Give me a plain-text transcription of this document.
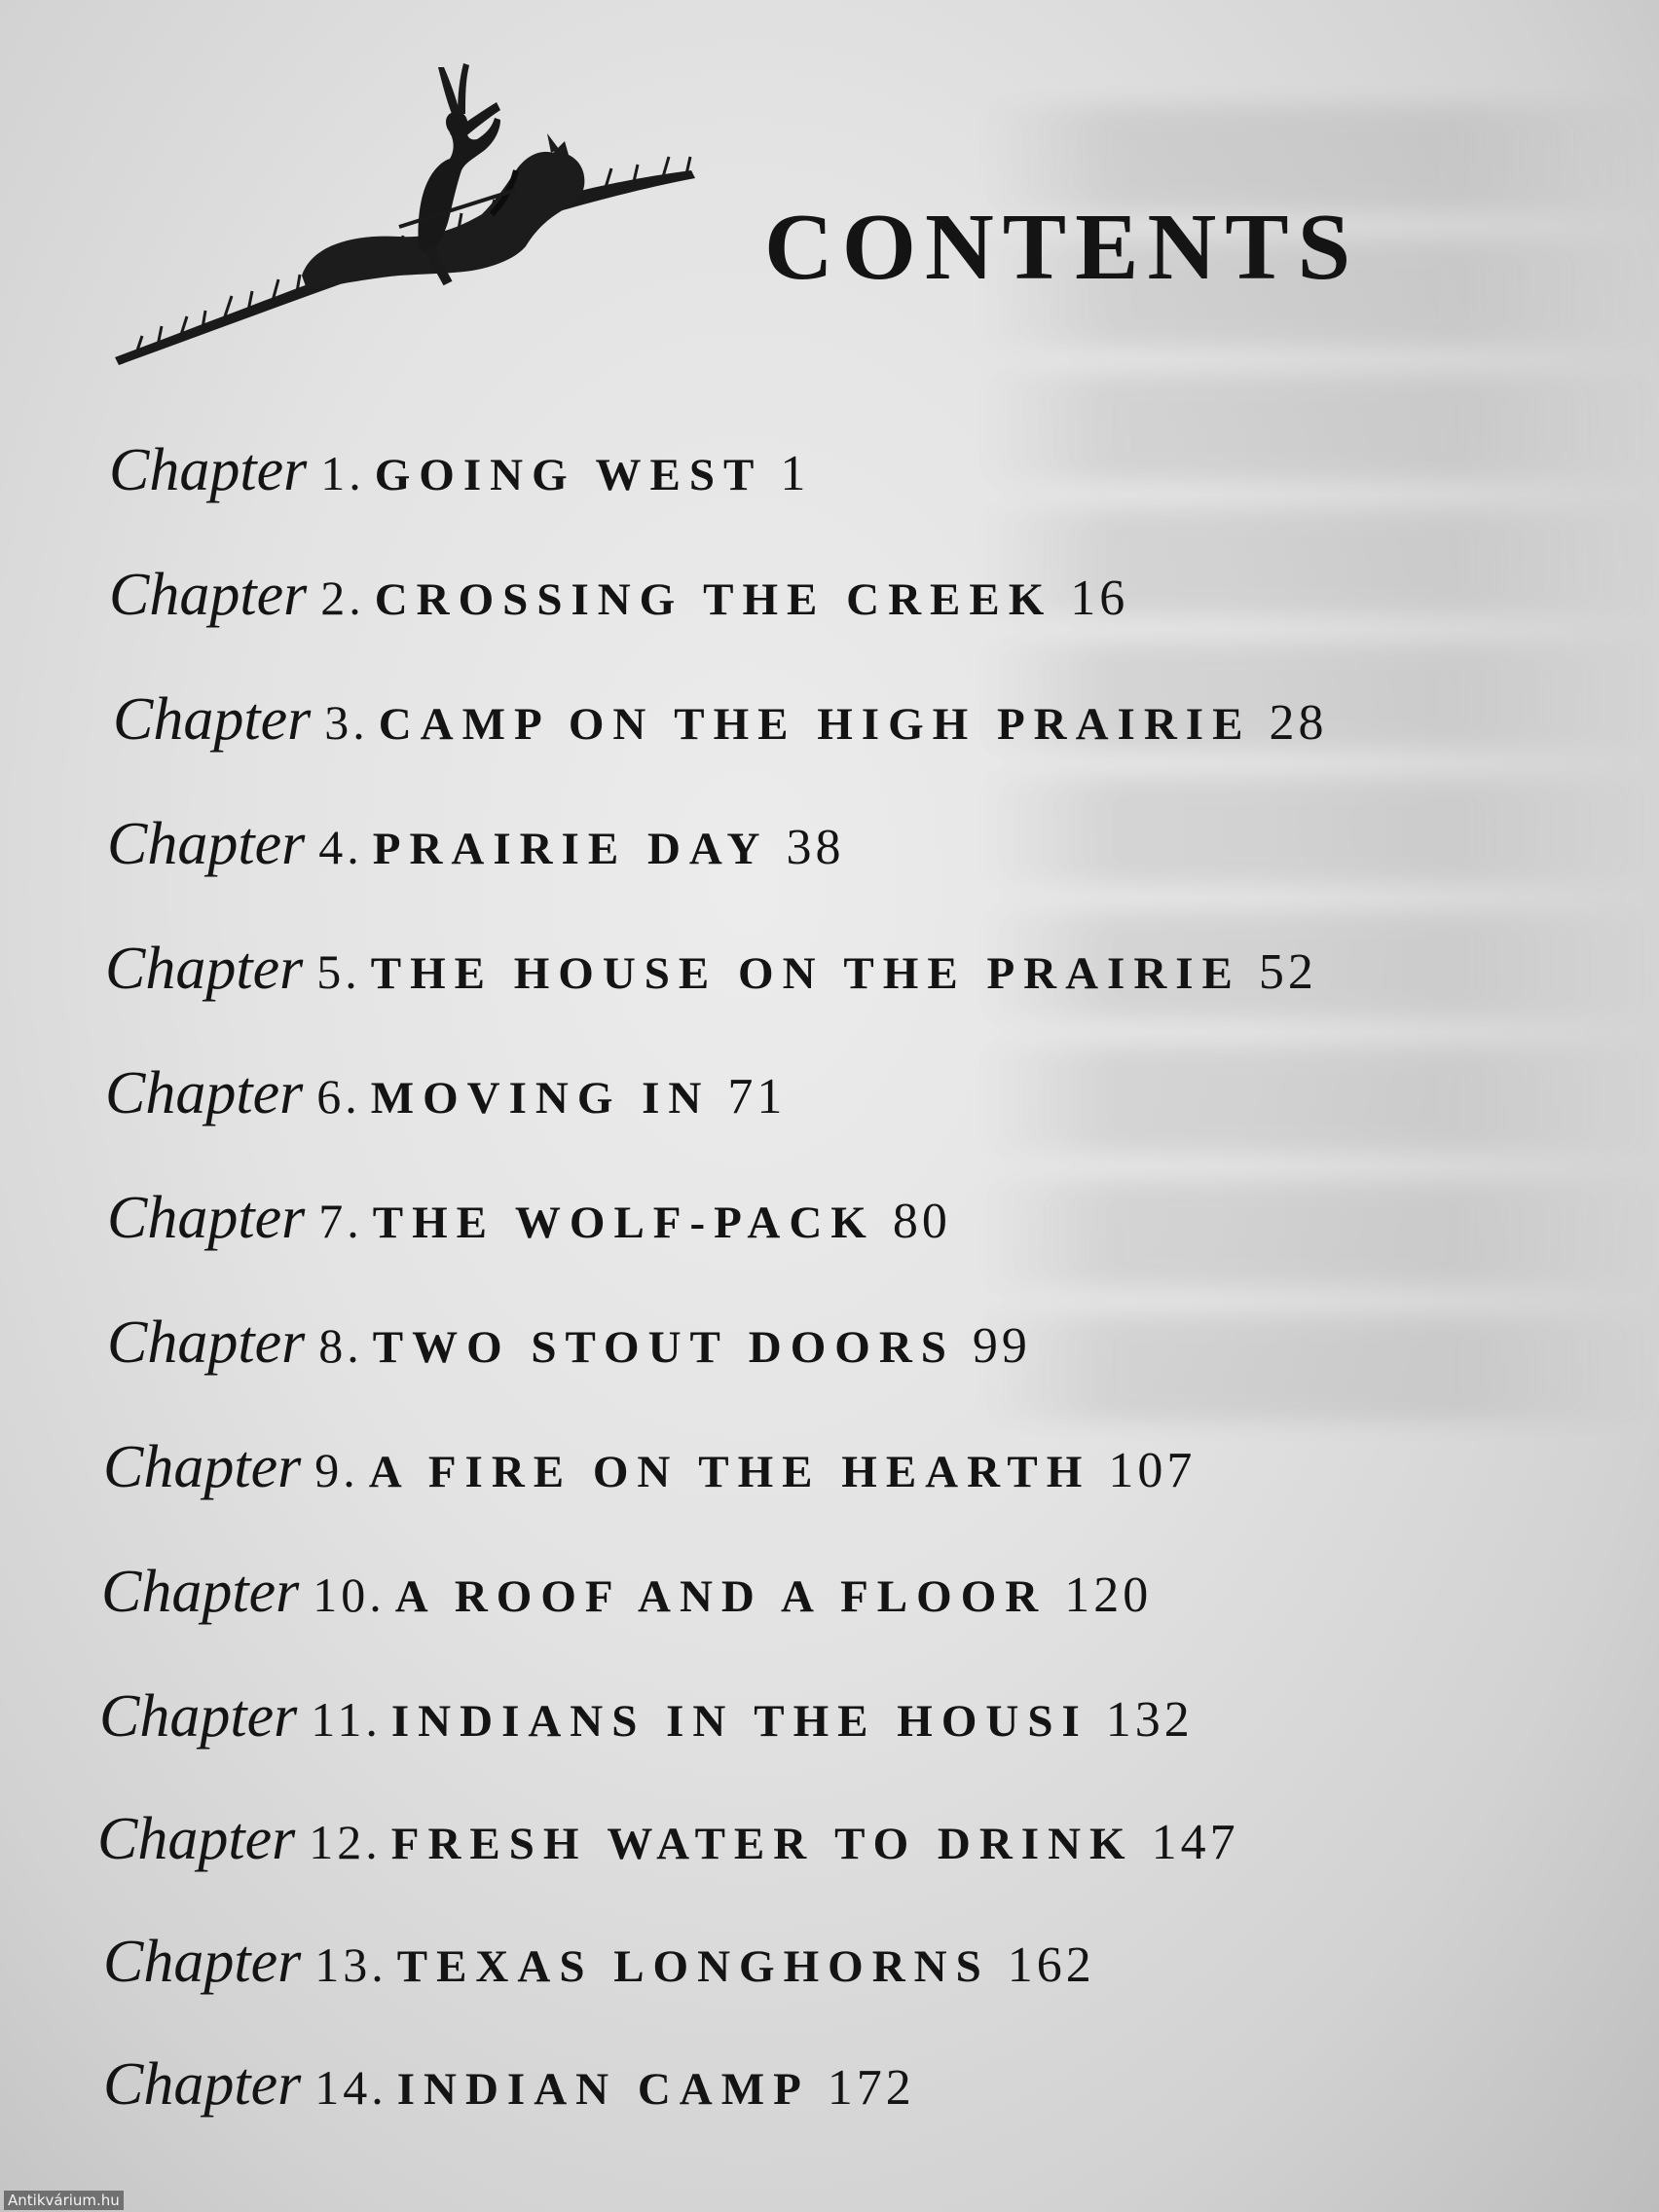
CONTENTS
Chapter 1. GOING WEST 1
Chapter 2. CROSSING THE CREEK 16
Chapter 3. CAMP ON THE HIGH PRAIRIE 28
Chapter 4. PRAIRIE DAY 38
Chapter 5. THE HOUSE ON THE PRAIRIE 52
Chapter 6. MOVING IN 71
Chapter 7. THE WOLF-PACK 80
Chapter 8. TWO STOUT DOORS 99
Chapter 9. A FIRE ON THE HEARTH 107
Chapter 10. A ROOF AND A FLOOR 120
Chapter 11. INDIANS IN THE HOUSI 132
Chapter 12. FRESH WATER TO DRINK 147
Chapter 13. TEXAS LONGHORNS 162
Chapter 14. INDIAN CAMP 172
Antikvárium.hu
